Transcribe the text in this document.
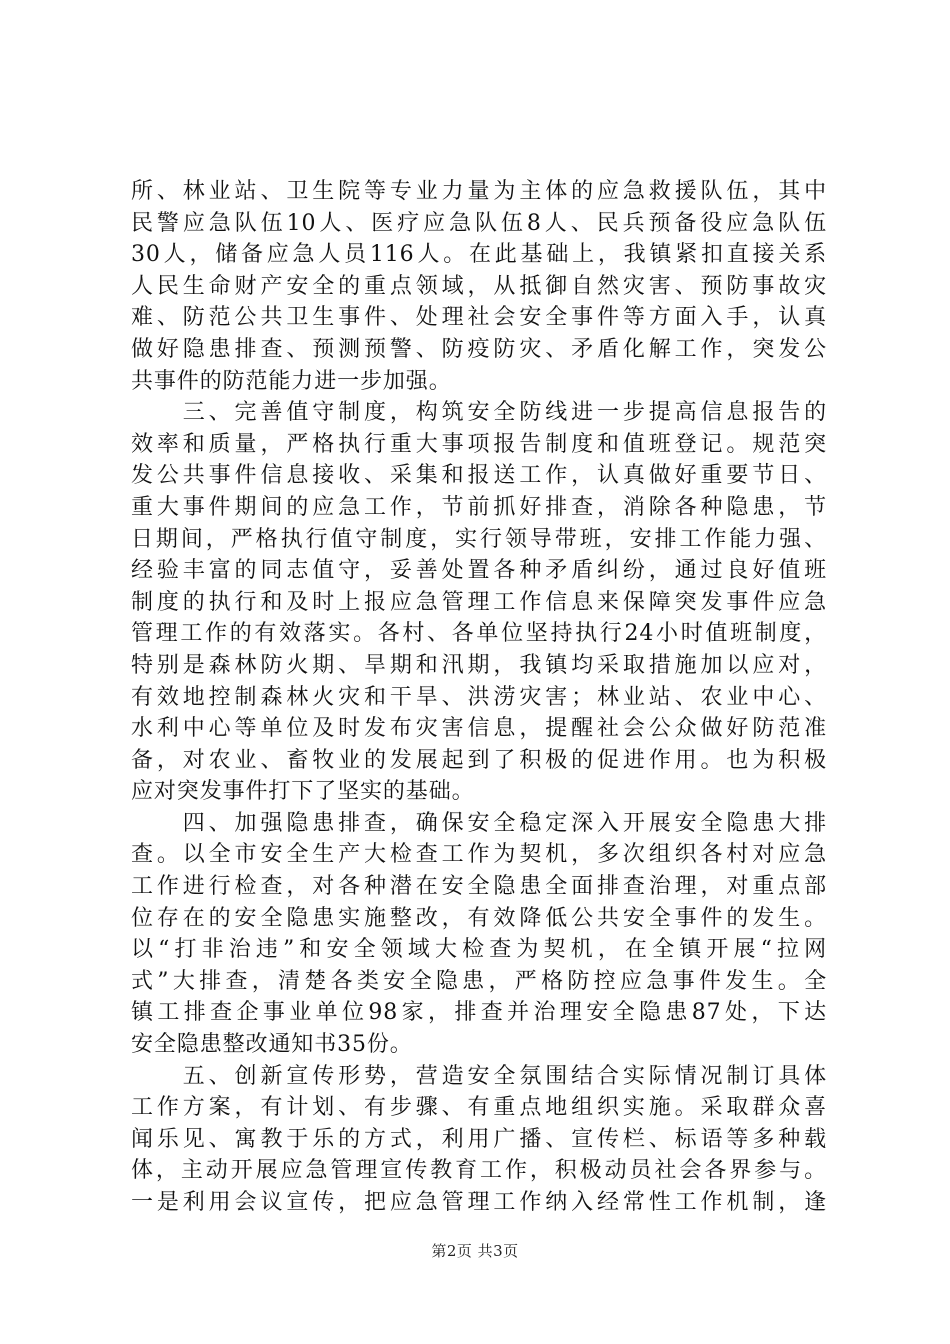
所、林业站、卫生院等专业力量为主体的应急救援队伍，其中
民警应急队伍10人、医疗应急队伍8人、民兵预备役应急队伍
30人，储备应急人员116人。在此基础上，我镇紧扣直接关系
人民生命财产安全的重点领域，从抵御自然灾害、预防事故灾
难、防范公共卫生事件、处理社会安全事件等方面入手，认真
做好隐患排查、预测预警、防疫防灾、矛盾化解工作，突发公
共事件的防范能力进一步加强。
　　三、完善值守制度，构筑安全防线进一步提高信息报告的
效率和质量，严格执行重大事项报告制度和值班登记。规范突
发公共事件信息接收、采集和报送工作，认真做好重要节日、
重大事件期间的应急工作，节前抓好排查，消除各种隐患，节
日期间，严格执行值守制度，实行领导带班，安排工作能力强、
经验丰富的同志值守，妥善处置各种矛盾纠纷，通过良好值班
制度的执行和及时上报应急管理工作信息来保障突发事件应急
管理工作的有效落实。各村、各单位坚持执行24小时值班制度，
特别是森林防火期、旱期和汛期，我镇均采取措施加以应对，
有效地控制森林火灾和干旱、洪涝灾害；林业站、农业中心、
水利中心等单位及时发布灾害信息，提醒社会公众做好防范准
备，对农业、畜牧业的发展起到了积极的促进作用。也为积极
应对突发事件打下了坚实的基础。
　　四、加强隐患排查，确保安全稳定深入开展安全隐患大排
查。以全市安全生产大检查工作为契机，多次组织各村对应急
工作进行检查，对各种潜在安全隐患全面排查治理，对重点部
位存在的安全隐患实施整改，有效降低公共安全事件的发生。
以“打非治违”和安全领域大检查为契机，在全镇开展“拉网
式”大排查，清楚各类安全隐患，严格防控应急事件发生。全
镇工排查企事业单位98家，排查并治理安全隐患87处，下达
安全隐患整改通知书35份。
　　五、创新宣传形势，营造安全氛围结合实际情况制订具体
工作方案，有计划、有步骤、有重点地组织实施。采取群众喜
闻乐见、寓教于乐的方式，利用广播、宣传栏、标语等多种载
体，主动开展应急管理宣传教育工作，积极动员社会各界参与。
一是利用会议宣传，把应急管理工作纳入经常性工作机制，逢
第2页 共3页
